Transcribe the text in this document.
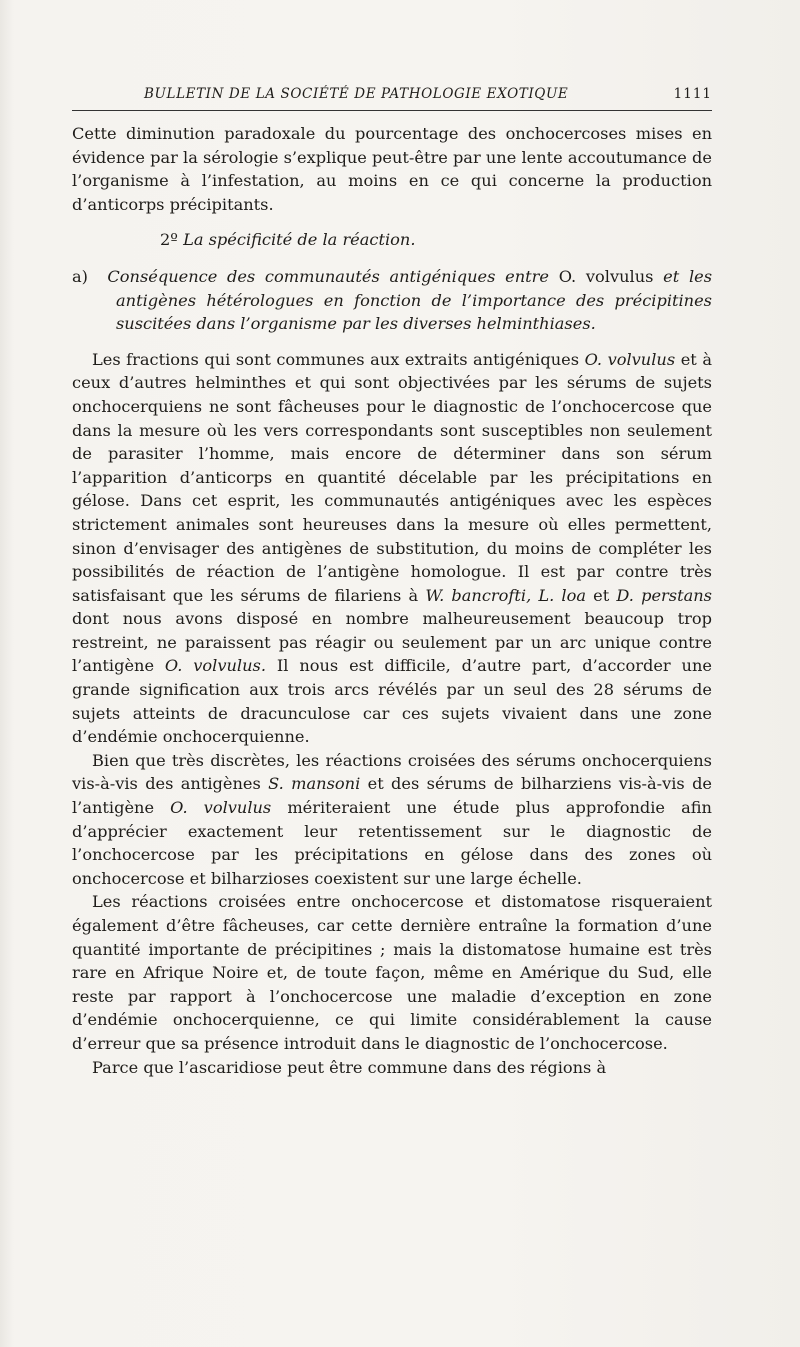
BULLETIN DE LA SOCIÉTÉ DE PATHOLOGIE EXOTIQUE	1111

Cette diminution paradoxale du pourcentage des onchocercoses mises en évidence par la sérologie s’explique peut-être par une lente accoutumance de l’organisme à l’infestation, au moins en ce qui concerne la production d’anticorps précipitants.

2º La spécificité de la réaction.

a) Conséquence des communautés antigéniques entre O. volvulus et les antigènes hétérologues en fonction de l’importance des précipitines suscitées dans l’organisme par les diverses helminthiases.

Les fractions qui sont communes aux extraits antigéniques O. volvulus et à ceux d’autres helminthes et qui sont objectivées par les sérums de sujets onchocerquiens ne sont fâcheuses pour le diagnostic de l’onchocercose que dans la mesure où les vers correspondants sont susceptibles non seulement de parasiter l’homme, mais encore de déterminer dans son sérum l’apparition d’anticorps en quantité décelable par les précipitations en gélose. Dans cet esprit, les communautés antigéniques avec les espèces strictement animales sont heureuses dans la mesure où elles permettent, sinon d’envisager des antigènes de substitution, du moins de compléter les possibilités de réaction de l’antigène homologue. Il est par contre très satisfaisant que les sérums de filariens à W. bancrofti, L. loa et D. perstans dont nous avons disposé en nombre malheureusement beaucoup trop restreint, ne paraissent pas réagir ou seulement par un arc unique contre l’antigène O. volvulus. Il nous est difficile, d’autre part, d’accorder une grande signification aux trois arcs révélés par un seul des 28 sérums de sujets atteints de dracunculose car ces sujets vivaient dans une zone d’endémie onchocerquienne.

Bien que très discrètes, les réactions croisées des sérums onchocerquiens vis-à-vis des antigènes S. mansoni et des sérums de bilharziens vis-à-vis de l’antigène O. volvulus mériteraient une étude plus approfondie afin d’apprécier exactement leur retentissement sur le diagnostic de l’onchocercose par les précipitations en gélose dans des zones où onchocercose et bilharzioses coexistent sur une large échelle.

Les réactions croisées entre onchocercose et distomatose risqueraient également d’être fâcheuses, car cette dernière entraîne la formation d’une quantité importante de précipitines ; mais la distomatose humaine est très rare en Afrique Noire et, de toute façon, même en Amérique du Sud, elle reste par rapport à l’onchocercose une maladie d’exception en zone d’endémie onchocerquienne, ce qui limite considérablement la cause d’erreur que sa présence introduit dans le diagnostic de l’onchocercose.

Parce que l’ascaridiose peut être commune dans des régions à
